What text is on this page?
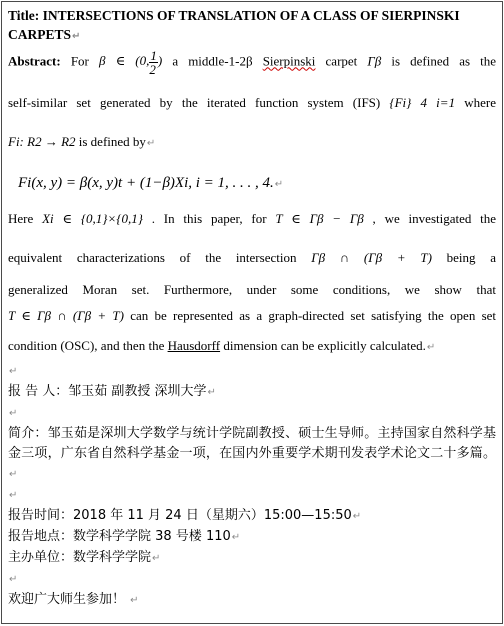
Title: INTERSECTIONS OF TRANSLATION OF A CLASS OF SIERPINSKI CARPETS↵

Abstract: For β ∈ (0, $\frac{1}{2}$ ) a middle-1-2β Sierpinski carpet Γβ is defined as the
self-similar set generated by the iterated function system (IFS) {Fi} 4 i=1 where
Fi: R2 → R2 is defined by↵
Fi(x, y) = β(x, y)t + (1−β)Xi, i = 1, . . . , 4.↵
Here Xi ∈ {0,1}×{0,1} . In this paper, for T ∈ Γβ − Γβ , we investigated the
equivalent characterizations of the intersection Γβ ∩ (Γβ + T) being a
generalized Moran set. Furthermore, under some conditions, we show that
T ∈ Γβ ∩ (Γβ + T) can be represented as a graph-directed set satisfying the open set
condition (OSC), and then the Hausdorff dimension can be explicitly calculated.↵
↵
报 告 人：邹玉茹 副教授 深圳大学↵
↵
简介：邹玉茹是深圳大学数学与统计学院副教授、硕士生导师。主持国家自然科学基金三项，广东省自然科学基金一项，在国内外重要学术期刊发表学术论文二十多篇。↵
↵
报告时间：2018 年 11 月 24 日（星期六）15:00—15:50↵
报告地点：数学科学学院 38 号楼 110↵
主办单位：数学科学学院↵
↵
欢迎广大师生参加！ ↵
